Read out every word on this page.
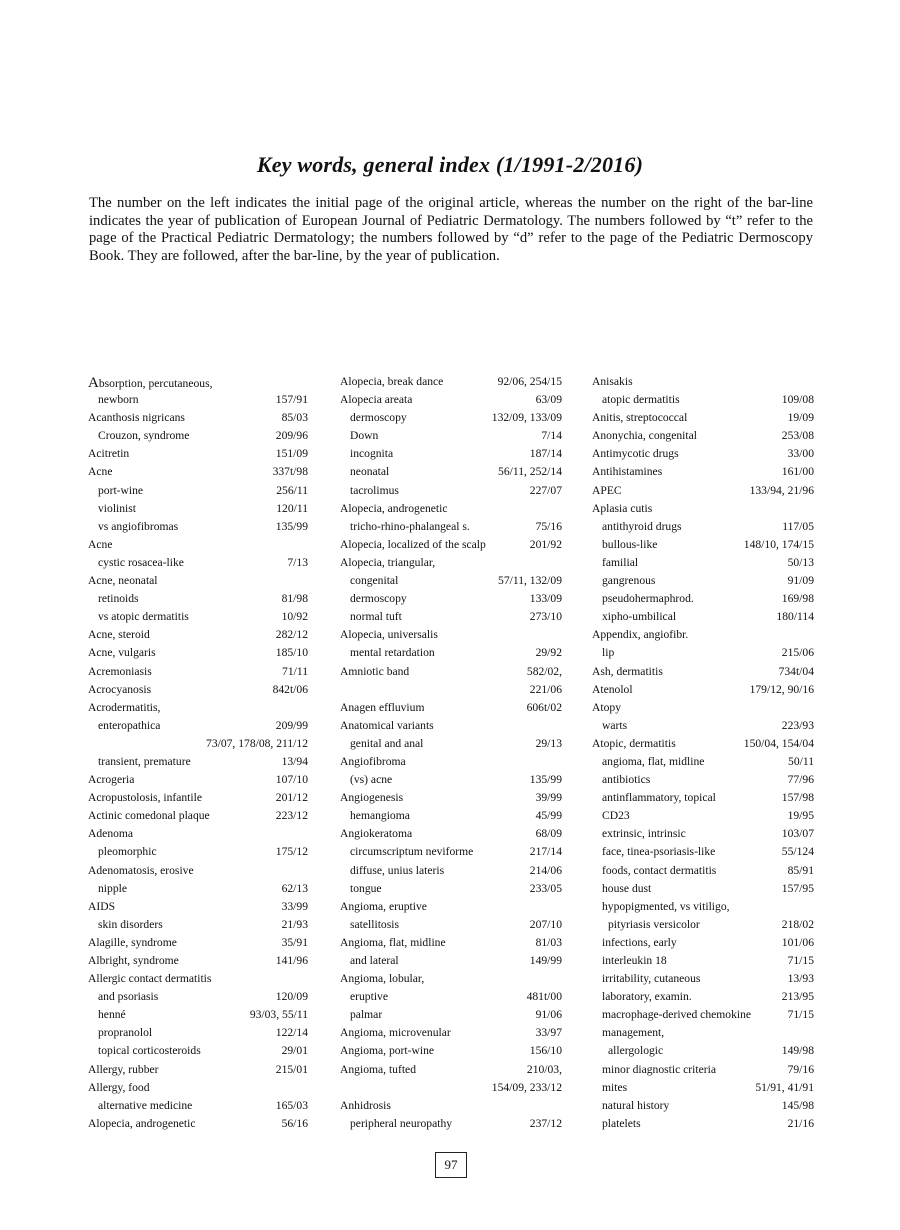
Key words, general index (1/1991-2/2016)
The number on the left indicates the initial page of the original article, whereas the number on the right of the bar-line indicates the year of publication of European Journal of Pediatric Dermatology. The numbers followed by “t” refer to the page of the Practical Pediatric Dermatology; the numbers followed by “d” refer to the page of the Pediatric Dermoscopy Book. They are followed, after the bar-line, by the year of publication.
Absorption, percutaneous,
newborn	157/91
Acanthosis nigricans	85/03
Crouzon, syndrome	209/96
Acitretin	151/09
Acne	337t/98
port-wine	256/11
violinist	120/11
vs angiofibromas	135/99
Acne
cystic rosacea-like	7/13
Acne, neonatal
retinoids	81/98
vs atopic dermatitis	10/92
Acne, steroid	282/12
Acne, vulgaris	185/10
Acremoniasis	71/11
Acrocyanosis	842t/06
Acrodermatitis,
enteropathica	209/99
73/07, 178/08, 211/12
transient, premature	13/94
Acrogeria	107/10
Acropustolosis, infantile	201/12
Actinic comedonal plaque	223/12
Adenoma
pleomorphic	175/12
Adenomatosis, erosive
nipple	62/13
AIDS	33/99
skin disorders	21/93
Alagille, syndrome	35/91
Albright, syndrome	141/96
Allergic contact dermatitis
and psoriasis	120/09
henné	93/03, 55/11
propranolol	122/14
topical corticosteroids	29/01
Allergy, rubber	215/01
Allergy, food
alternative medicine	165/03
Alopecia, androgenetic	56/16
Alopecia, break dance	92/06, 254/15
Alopecia areata	63/09
dermoscopy	132/09, 133/09
Down	7/14
incognita	187/14
neonatal	56/11, 252/14
tacrolimus	227/07
Alopecia, androgenetic
tricho-rhino-phalangeal s.	75/16
Alopecia, localized of the scalp	201/92
Alopecia, triangular,
congenital	57/11, 132/09
dermoscopy	133/09
normal tuft	273/10
Alopecia, universalis
mental retardation	29/92
Amniotic band	582/02,
221/06
Anagen effluvium	606t/02
Anatomical variants
genital and anal	29/13
Angiofibroma
(vs) acne	135/99
Angiogenesis	39/99
hemangioma	45/99
Angiokeratoma	68/09
circumscriptum neviforme	217/14
diffuse, unius lateris	214/06
tongue	233/05
Angioma, eruptive
satellitosis	207/10
Angioma, flat, midline	81/03
and lateral	149/99
Angioma, lobular,
eruptive	481t/00
palmar	91/06
Angioma, microvenular	33/97
Angioma, port-wine	156/10
Angioma, tufted	210/03,
154/09, 233/12
Anhidrosis
peripheral neuropathy	237/12
Anisakis
atopic dermatitis	109/08
Anitis, streptococcal	19/09
Anonychia, congenital	253/08
Antimycotic drugs	33/00
Antihistamines	161/00
APEC	133/94, 21/96
Aplasia cutis
antithyroid drugs	117/05
bullous-like	148/10, 174/15
familial	50/13
gangrenous	91/09
pseudohermaphrod.	169/98
xipho-umbilical	180/114
Appendix, angiofibr.
lip	215/06
Ash, dermatitis	734t/04
Atenolol	179/12, 90/16
Atopy
warts	223/93
Atopic, dermatitis	150/04, 154/04
angioma, flat, midline	50/11
antibiotics	77/96
antinflammatory, topical	157/98
CD23	19/95
extrinsic, intrinsic	103/07
face, tinea-psoriasis-like	55/124
foods, contact dermatitis	85/91
house dust	157/95
hypopigmented, vs vitiligo,
pityriasis versicolor	218/02
infections, early	101/06
interleukin 18	71/15
irritability, cutaneous	13/93
laboratory, examin.	213/95
macrophage-derived chemokine	71/15
management,
allergologic	149/98
minor diagnostic criteria	79/16
mites	51/91, 41/91
natural history	145/98
platelets	21/16
97
